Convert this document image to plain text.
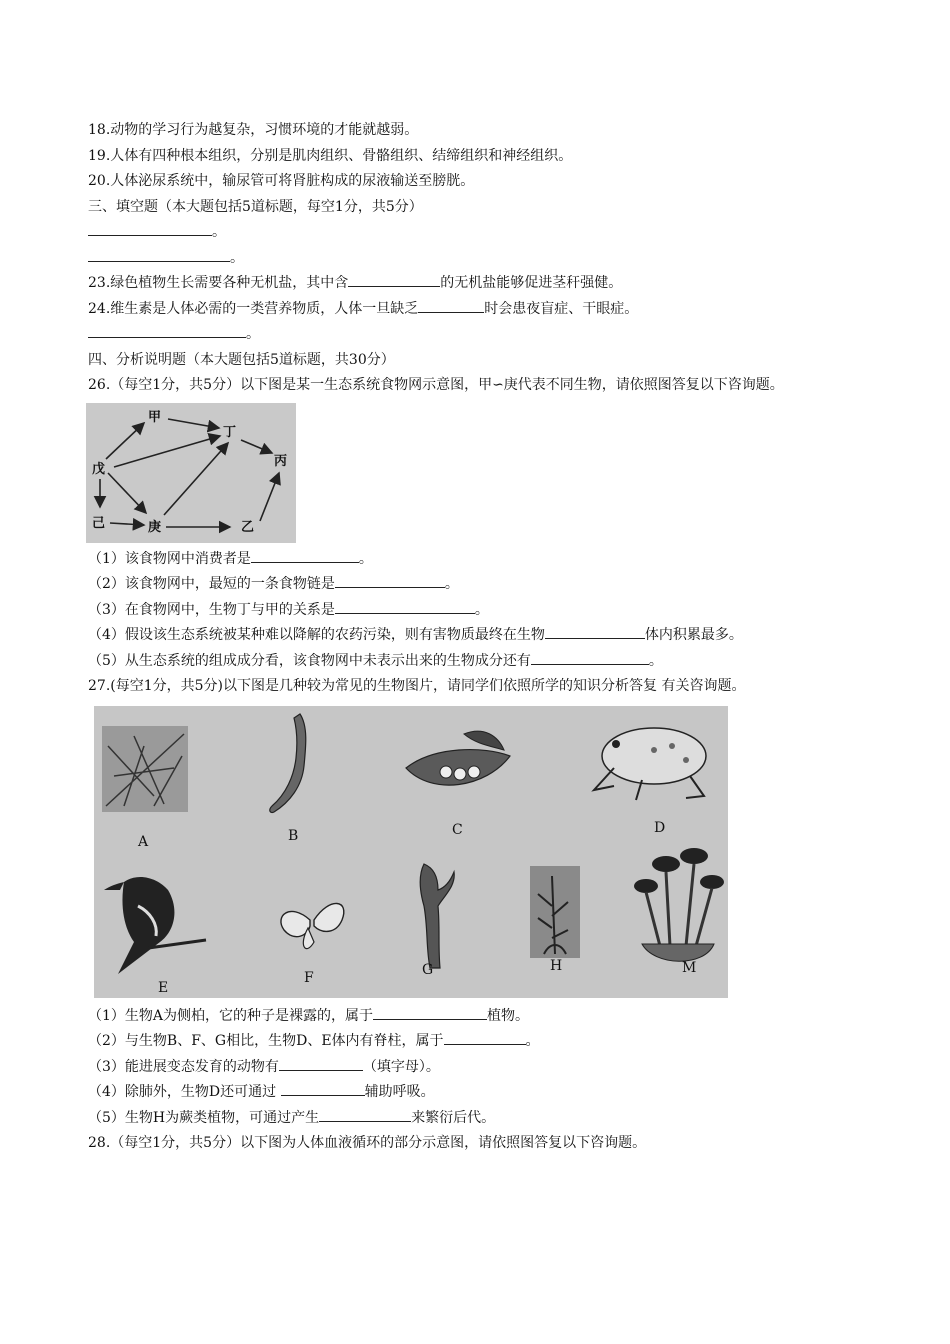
18.动物的学习行为越复杂，习惯环境的才能就越弱。
19.人体有四种根本组织，分别是肌肉组织、骨骼组织、结缔组织和神经组织。
20.人体泌尿系统中，输尿管可将肾脏构成的尿液输送至膀胱。
三、填空题（本大题包括5道标题，每空1分，共5分）
。
。
23.绿色植物生长需要各种无机盐，其中含	的无机盐能够促进茎秆强健。
24.维生素是人体必需的一类营养物质，人体一旦缺乏	时会患夜盲症、干眼症。
。
四、分析说明题（本大题包括5道标题，共30分）
26.（每空1分，共5分）以下图是某一生态系统食物网示意图，甲∽庚代表不同生物，请依照图答复以下咨询题。
甲
丁
戊
丙
己	庚	乙
（1）该食物网中消费者是	。
（2）该食物网中，最短的一条食物链是	。
（3）在食物网中，生物丁与甲的关系是	。
（4）假设该生态系统被某种难以降解的农药污染，则有害物质最终在生物	体内积累最多。
（5）从生态系统的组成成分看，该食物网中未表示出来的生物成分还有	。
27.(每空1分，共5分)以下图是几种较为常见的生物图片，请同学们依照所学的知识分析答复 有关咨询题。
A	B	C	D
E
F	G	H	M
（1）生物A为侧柏，它的种子是裸露的，属于	植物。
（2）与生物B、F、G相比，生物D、E体内有脊柱，属于	。
（3）能进展变态发育的动物有	（填字母）。
（4）除肺外，生物D还可通过	辅助呼吸。
（5）生物H为蕨类植物，可通过产生	来繁衍后代。
28.（每空1分，共5分）以下图为人体血液循环的部分示意图，请依照图答复以下咨询题。
